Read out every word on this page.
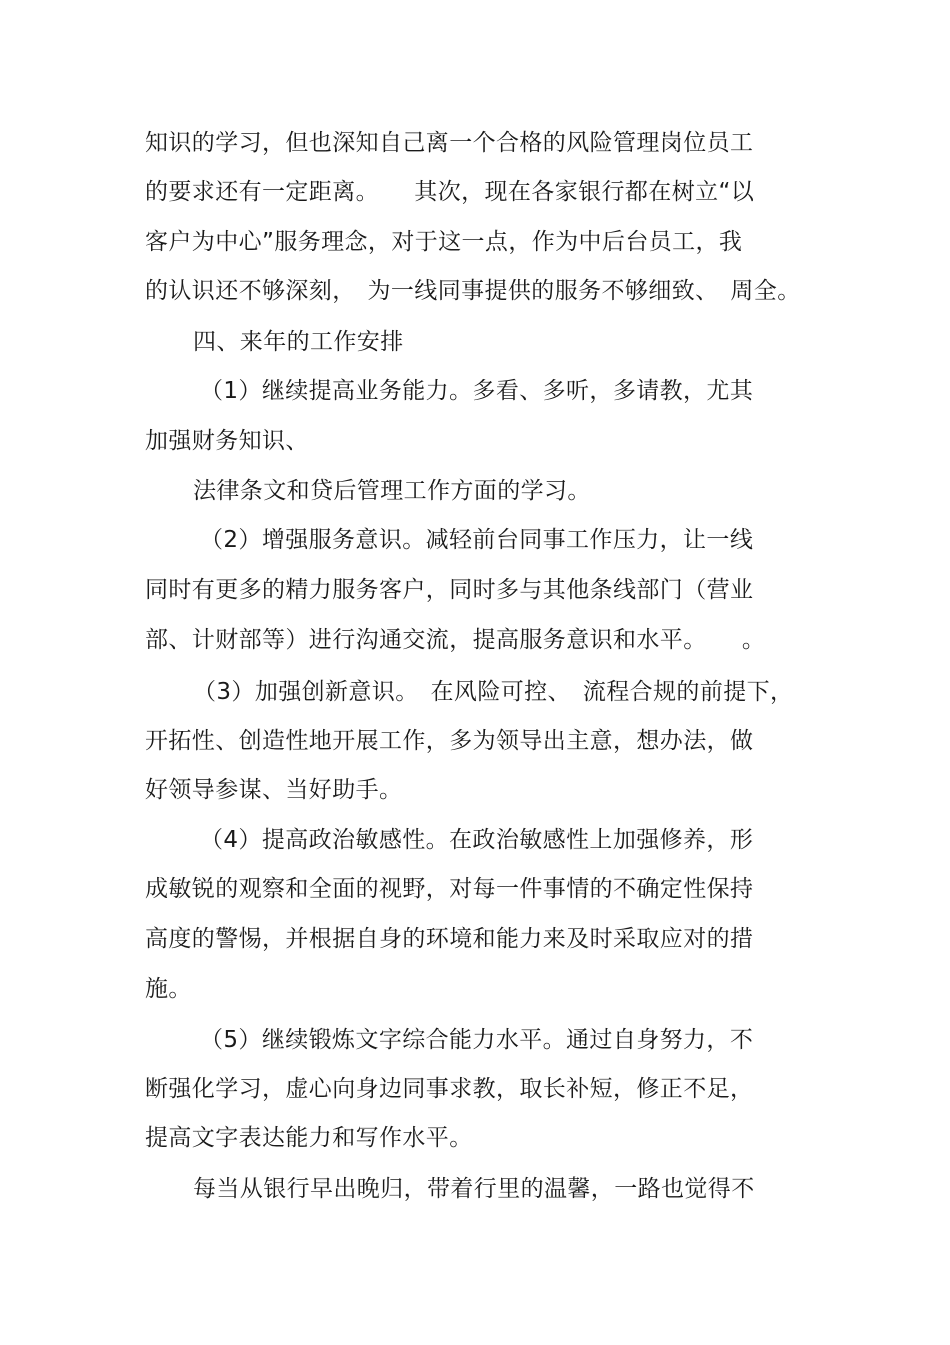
知识的学习，但也深知自己离一个合格的风险管理岗位员工
的要求还有一定距离。　　其次，现在各家银行都在树立“以
客户为中心”服务理念，对于这一点，作为中后台员工，我
的认识还不够深刻，　为一线同事提供的服务不够细致、　周全。
四、来年的工作安排
（1）继续提高业务能力。多看、多听，多请教，尤其
加强财务知识、
法律条文和贷后管理工作方面的学习。
（2）增强服务意识。减轻前台同事工作压力，让一线
同时有更多的精力服务客户，同时多与其他条线部门（营业
部、计财部等）进行沟通交流，提高服务意识和水平。　　。
（3）加强创新意识。　在风险可控、　流程合规的前提下，
开拓性、创造性地开展工作，多为领导出主意，想办法，做
好领导参谋、当好助手。
（4）提高政治敏感性。在政治敏感性上加强修养，形
成敏锐的观察和全面的视野，对每一件事情的不确定性保持
高度的警惕，并根据自身的环境和能力来及时采取应对的措
施。
（5）继续锻炼文字综合能力水平。通过自身努力，不
断强化学习，虚心向身边同事求教，取长补短，修正不足，
提高文字表达能力和写作水平。
每当从银行早出晚归，带着行里的温馨，一路也觉得不
